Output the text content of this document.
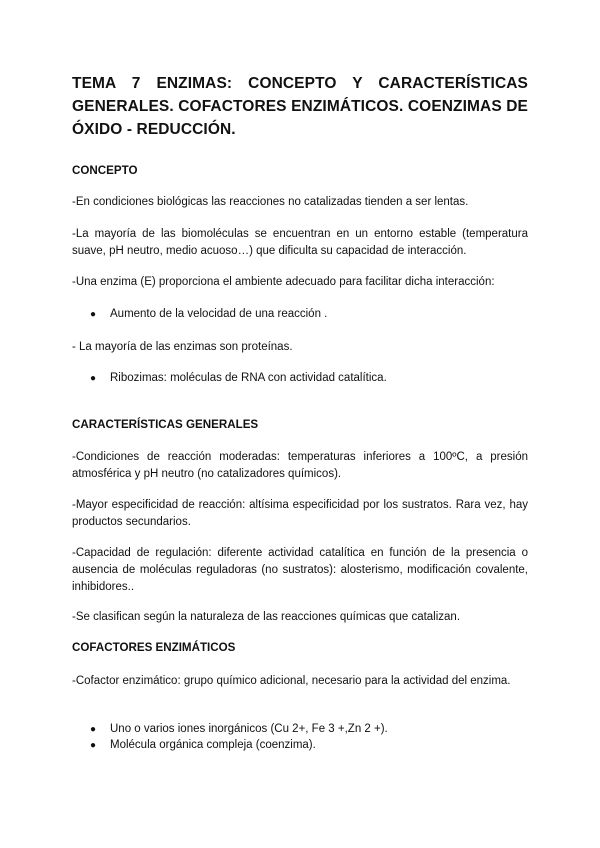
TEMA 7 ENZIMAS: CONCEPTO Y CARACTERÍSTICAS GENERALES. COFACTORES ENZIMÁTICOS. COENZIMAS DE ÓXIDO - REDUCCIÓN.
CONCEPTO

-En condiciones biológicas las reacciones no catalizadas tienden a ser lentas.

-La mayoría de las biomoléculas se encuentran en un entorno estable (temperatura suave, pH neutro, medio acuoso…) que dificulta su capacidad de interacción.

-Una enzima (E) proporciona el ambiente adecuado para facilitar dicha interacción:

● Aumento de la velocidad de una reacción .

- La mayoría de las enzimas son proteínas.

● Ribozimas: moléculas de RNA con actividad catalítica.

CARACTERÍSTICAS GENERALES

-Condiciones de reacción moderadas: temperaturas inferiores a 100ºC, a presión atmosférica y pH neutro (no catalizadores químicos).

-Mayor especificidad de reacción: altísima especificidad por los sustratos. Rara vez, hay productos secundarios.

-Capacidad de regulación: diferente actividad catalítica en función de la presencia o ausencia de moléculas reguladoras (no sustratos): alosterismo, modificación covalente, inhibidores..

-Se clasifican según la naturaleza de las reacciones químicas que catalizan.

COFACTORES ENZIMÁTICOS

-Cofactor enzimático: grupo químico adicional, necesario para la actividad del enzima.

● Uno o varios iones inorgánicos (Cu 2+, Fe 3 +,Zn 2 +).

● Molécula orgánica compleja (coenzima).
